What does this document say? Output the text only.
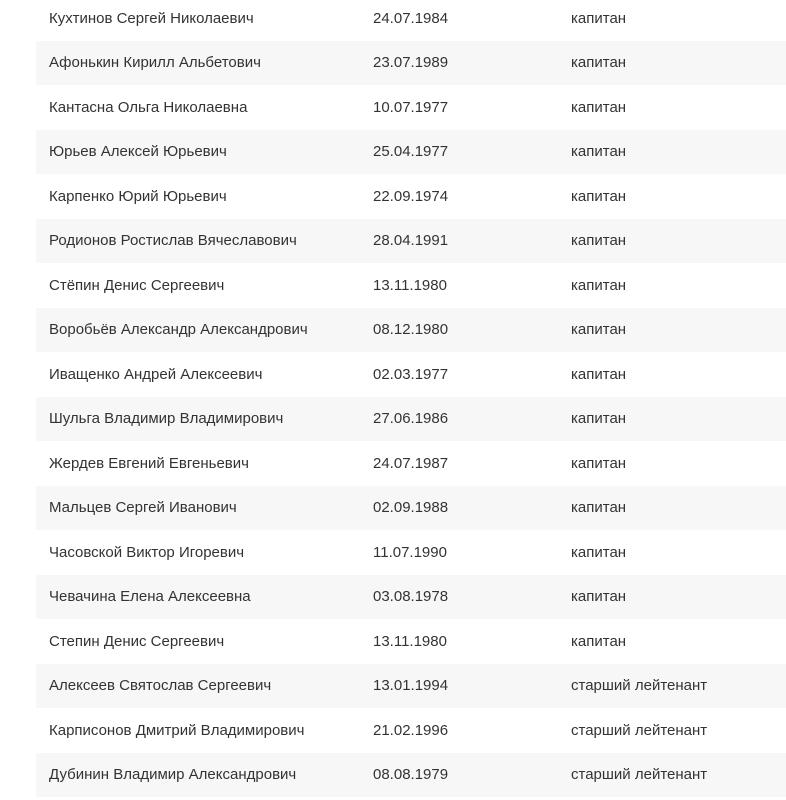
Кухтинов Сергей Николаевич	24.07.1984	капитан
Афонькин Кирилл Альбетович	23.07.1989	капитан
Кантасна Ольга Николаевна	10.07.1977	капитан
Юрьев Алексей Юрьевич	25.04.1977	капитан
Карпенко Юрий Юрьевич	22.09.1974	капитан
Родионов Ростислав Вячеславович	28.04.1991	капитан
Стёпин Денис Сергеевич	13.11.1980	капитан
Воробьёв Александр Александрович	08.12.1980	капитан
Иващенко Андрей Алексеевич	02.03.1977	капитан
Шульга Владимир Владимирович	27.06.1986	капитан
Жердев Евгений Евгеньевич	24.07.1987	капитан
Мальцев Сергей Иванович	02.09.1988	капитан
Часовской Виктор Игоревич	11.07.1990	капитан
Чевачина Елена Алексеевна	03.08.1978	капитан
Степин Денис Сергеевич	13.11.1980	капитан
Алексеев Святослав Сергеевич	13.01.1994	старший лейтенант
Карписонов Дмитрий Владимирович	21.02.1996	старший лейтенант
Дубинин Владимир Александрович	08.08.1979	старший лейтенант
